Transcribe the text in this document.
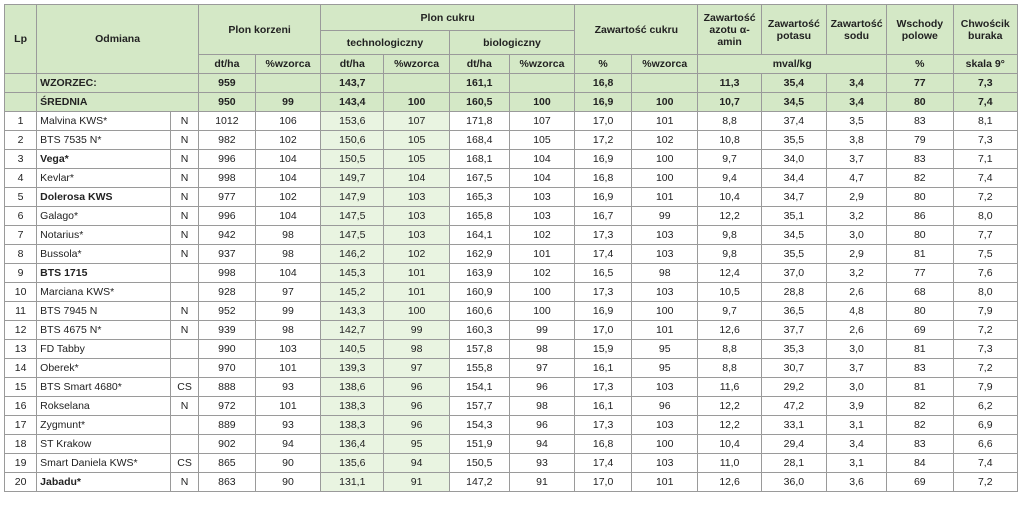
Lp	Odmiana		Plon korzeni		Plon cukru				Zawartość cukru		Zawartość azotu α-amin	Zawartość potasu	Zawartość sodu	Wschody polowe	Chwościk buraka
					technologiczny		biologiczny								
			dt/ha	%wzorca	dt/ha	%wzorca	dt/ha	%wzorca	%	%wzorca	mval/kg			%	skala 9°
	WZORZEC:		959		143,7		161,1		16,8		11,3	35,4	3,4	77	7,3
	ŚREDNIA		950	99	143,4	100	160,5	100	16,9	100	10,7	34,5	3,4	80	7,4
1	Malvina KWS*	N	1012	106	153,6	107	171,8	107	17,0	101	8,8	37,4	3,5	83	8,1
2	BTS 7535 N*	N	982	102	150,6	105	168,4	105	17,2	102	10,8	35,5	3,8	79	7,3
3	Vega*	N	996	104	150,5	105	168,1	104	16,9	100	9,7	34,0	3,7	83	7,1
4	Kevlar*	N	998	104	149,7	104	167,5	104	16,8	100	9,4	34,4	4,7	82	7,4
5	Dolerosa KWS	N	977	102	147,9	103	165,3	103	16,9	101	10,4	34,7	2,9	80	7,2
6	Galago*	N	996	104	147,5	103	165,8	103	16,7	99	12,2	35,1	3,2	86	8,0
7	Notarius*	N	942	98	147,5	103	164,1	102	17,3	103	9,8	34,5	3,0	80	7,7
8	Bussola*	N	937	98	146,2	102	162,9	101	17,4	103	9,8	35,5	2,9	81	7,5
9	BTS 1715		998	104	145,3	101	163,9	102	16,5	98	12,4	37,0	3,2	77	7,6
10	Marciana KWS*		928	97	145,2	101	160,9	100	17,3	103	10,5	28,8	2,6	68	8,0
11	BTS 7945 N	N	952	99	143,3	100	160,6	100	16,9	100	9,7	36,5	4,8	80	7,9
12	BTS 4675 N*	N	939	98	142,7	99	160,3	99	17,0	101	12,6	37,7	2,6	69	7,2
13	FD Tabby		990	103	140,5	98	157,8	98	15,9	95	8,8	35,3	3,0	81	7,3
14	Oberek*		970	101	139,3	97	155,8	97	16,1	95	8,8	30,7	3,7	83	7,2
15	BTS Smart 4680*	CS	888	93	138,6	96	154,1	96	17,3	103	11,6	29,2	3,0	81	7,9
16	Rokselana	N	972	101	138,3	96	157,7	98	16,1	96	12,2	47,2	3,9	82	6,2
17	Zygmunt*		889	93	138,3	96	154,3	96	17,3	103	12,2	33,1	3,1	82	6,9
18	ST Krakow		902	94	136,4	95	151,9	94	16,8	100	10,4	29,4	3,4	83	6,6
19	Smart Daniela KWS*	CS	865	90	135,6	94	150,5	93	17,4	103	11,0	28,1	3,1	84	7,4
20	Jabadu*	N	863	90	131,1	91	147,2	91	17,0	101	12,6	36,0	3,6	69	7,2
